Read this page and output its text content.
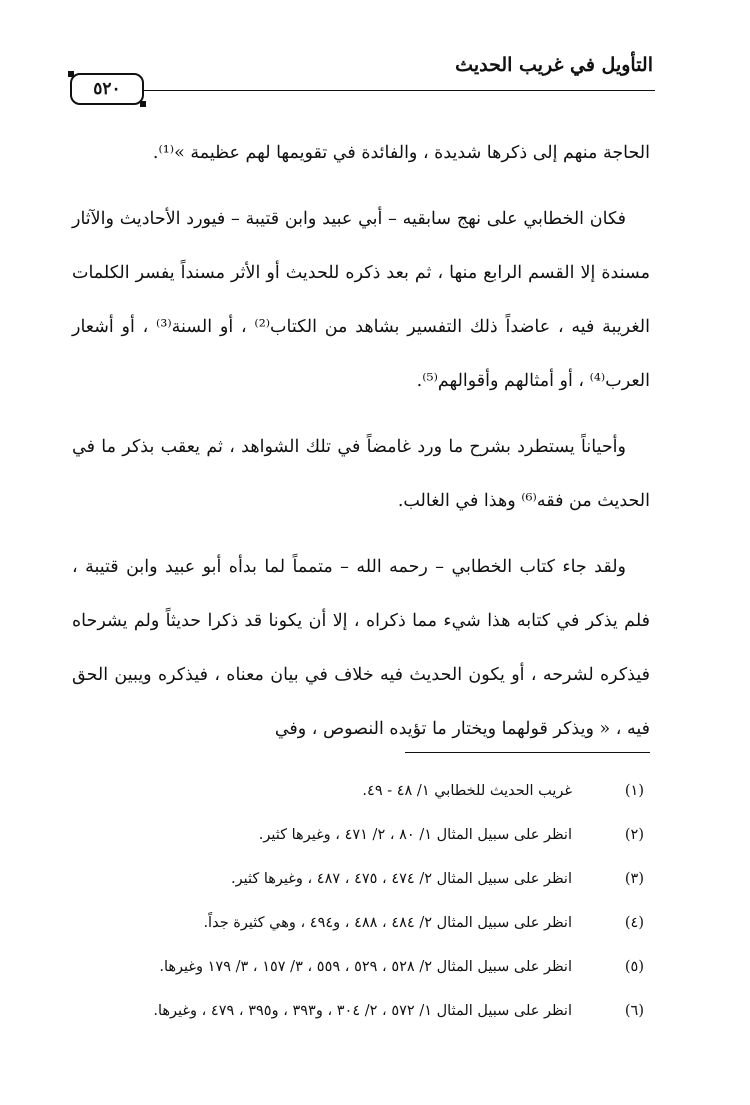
التأويل في غريب الحديث
٥٢٠

الحاجة منهم إلى ذكرها شديدة ، والفائدة في تقويمها لهم عظيمة »⁽¹⁾.

فكان الخطابي على نهج سابقيه – أبي عبيد وابن قتيبة – فيورد الأحاديث والآثار مسندة إلا القسم الرابع منها ، ثم بعد ذكره للحديث أو الأثر مسنداً يفسر الكلمات الغريبة فيه ، عاضداً ذلك التفسير بشاهد من الكتاب⁽²⁾ ، أو السنة⁽³⁾ ، أو أشعار العرب⁽⁴⁾ ، أو أمثالهم وأقوالهم⁽⁵⁾.

وأحياناً يستطرد بشرح ما ورد غامضاً في تلك الشواهد ، ثم يعقب بذكر ما في الحديث من فقه⁽⁶⁾ وهذا في الغالب.

ولقد جاء كتاب الخطابي – رحمه الله – متمماً لما بدأه أبو عبيد وابن قتيبة ، فلم يذكر في كتابه هذا شيء مما ذكراه ، إلا أن يكونا قد ذكرا حديثاً ولم يشرحاه فيذكره لشرحه ، أو يكون الحديث فيه خلاف في بيان معناه ، فيذكره ويبين الحق فيه ، « ويذكر قولهما ويختار ما تؤيده النصوص ، وفي

(١)غريب الحديث للخطابي ١/ ٤٨ - ٤٩.
(٢)انظر على سبيل المثال ١/ ٨٠ ، ٢/ ٤٧١ ، وغيرها كثير.
(٣)انظر على سبيل المثال ٢/ ٤٧٤ ، ٤٧٥ ، ٤٨٧ ، وغيرها كثير.
(٤)انظر على سبيل المثال ٢/ ٤٨٤ ، ٤٨٨ ، و٤٩٤ ، وهي كثيرة جداً.
(٥)انظر على سبيل المثال ٢/ ٥٢٨ ، ٥٢٩ ، ٥٥٩ ، ٣/ ١٥٧ ، ٣/ ١٧٩ وغيرها.
(٦)انظر على سبيل المثال ١/ ٥٧٢ ، ٢/ ٣٠٤ ، و٣٩٣ ، و٣٩٥ ، ٤٧٩ ، وغيرها.
